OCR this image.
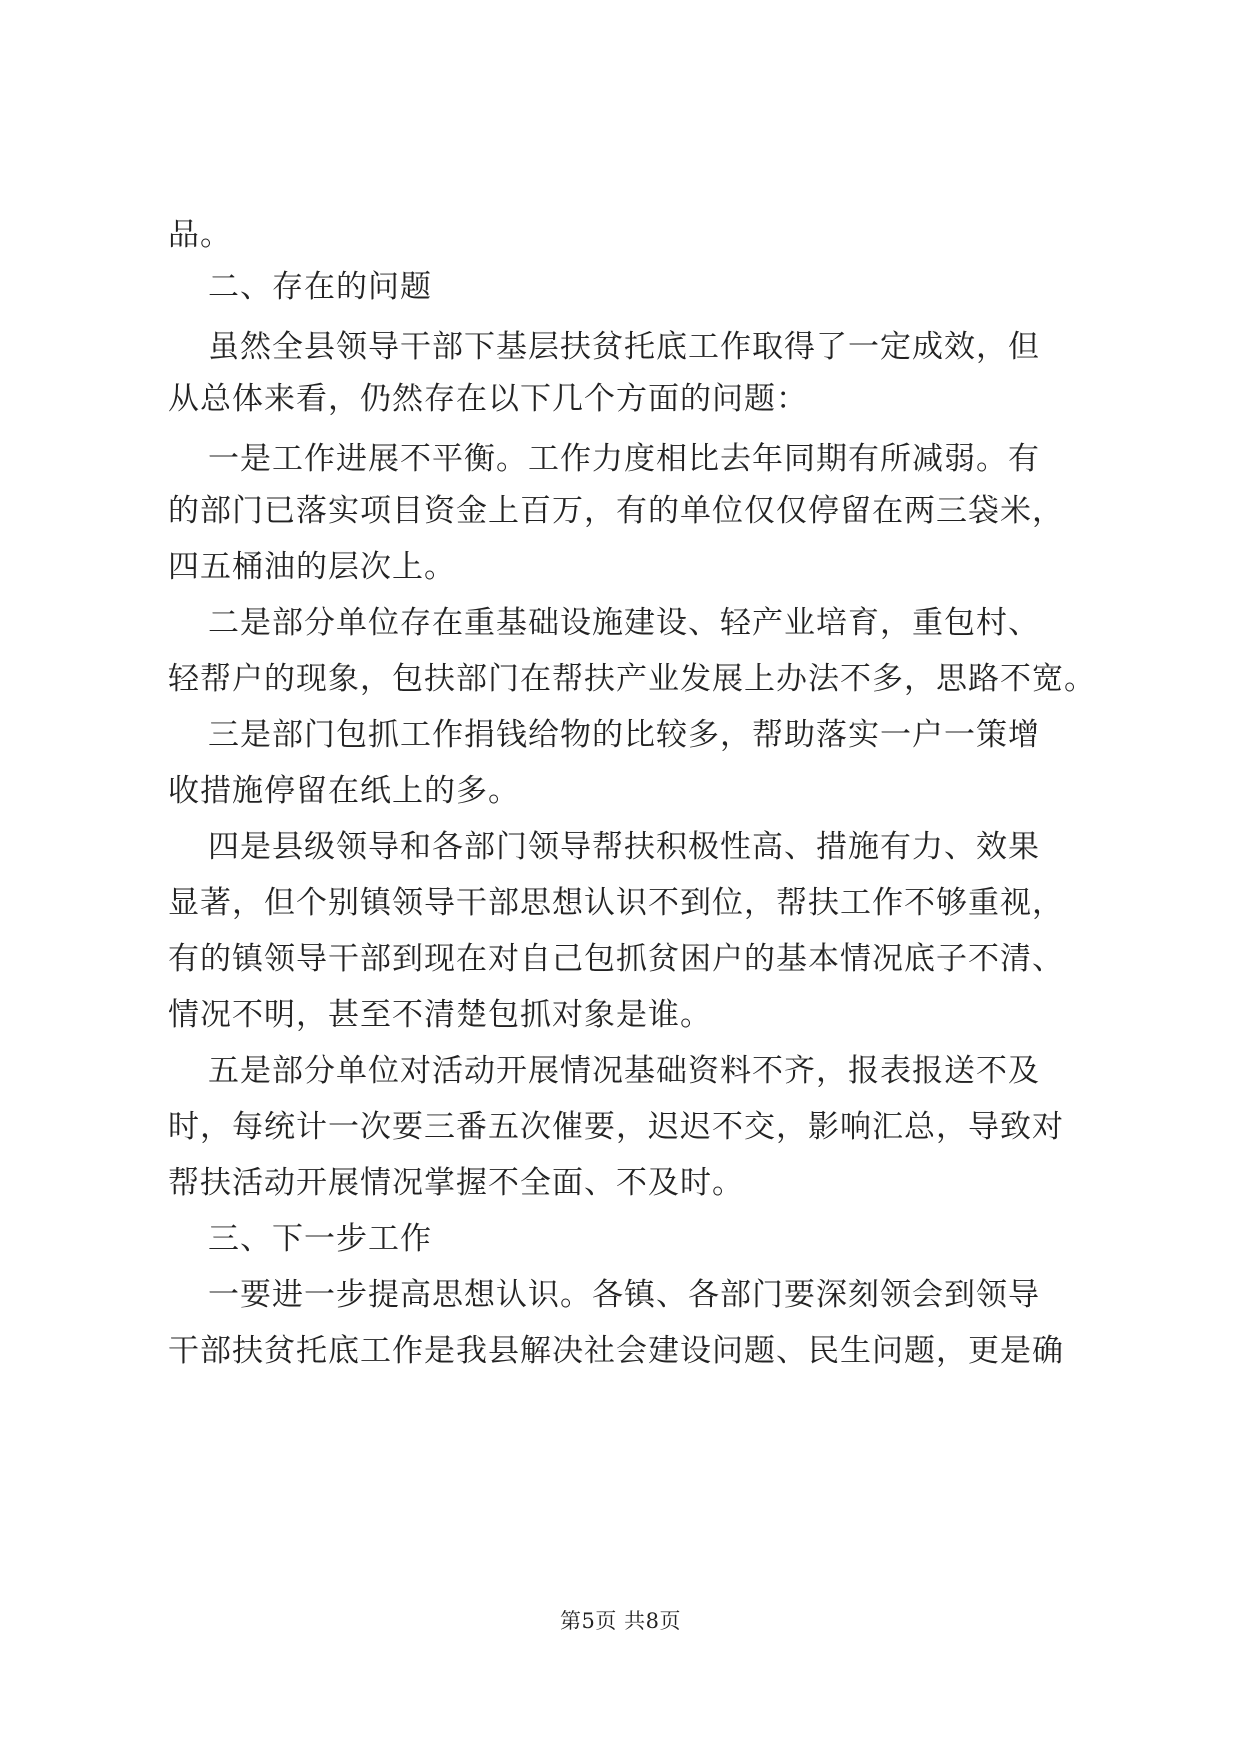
品。
二、存在的问题
虽然全县领导干部下基层扶贫托底工作取得了一定成效，但
从总体来看，仍然存在以下几个方面的问题：
一是工作进展不平衡。工作力度相比去年同期有所减弱。有
的部门已落实项目资金上百万，有的单位仅仅停留在两三袋米，
四五桶油的层次上。
二是部分单位存在重基础设施建设、轻产业培育，重包村、
轻帮户的现象，包扶部门在帮扶产业发展上办法不多，思路不宽。
三是部门包抓工作捐钱给物的比较多，帮助落实一户一策增
收措施停留在纸上的多。
四是县级领导和各部门领导帮扶积极性高、措施有力、效果
显著，但个别镇领导干部思想认识不到位，帮扶工作不够重视，
有的镇领导干部到现在对自己包抓贫困户的基本情况底子不清、
情况不明，甚至不清楚包抓对象是谁。
五是部分单位对活动开展情况基础资料不齐，报表报送不及
时，每统计一次要三番五次催要，迟迟不交，影响汇总，导致对
帮扶活动开展情况掌握不全面、不及时。
三、下一步工作
一要进一步提高思想认识。各镇、各部门要深刻领会到领导
干部扶贫托底工作是我县解决社会建设问题、民生问题，更是确
第5页 共8页
